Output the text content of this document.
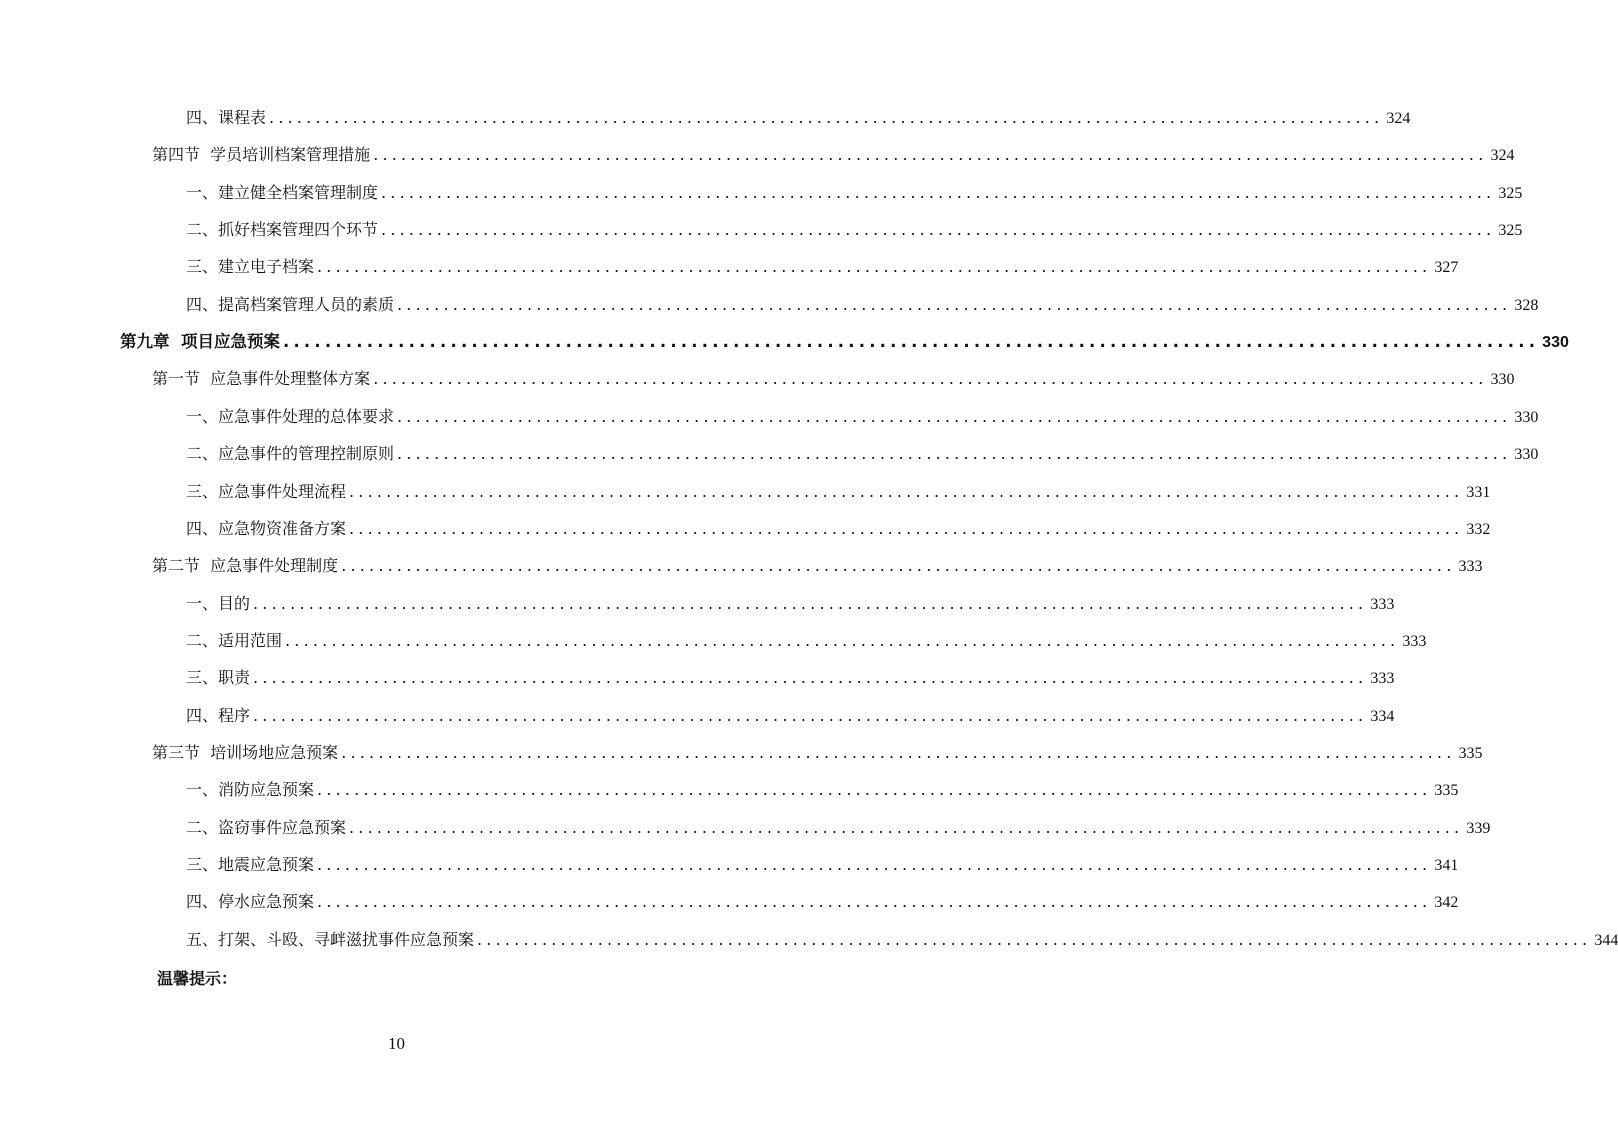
四、课程表 ........................................................................................................................ 324
第四节  学员培训档案管理措施 ........................................................................................................................ 324
一、建立健全档案管理制度 ........................................................................................................................ 325
二、抓好档案管理四个环节 ........................................................................................................................ 325
三、建立电子档案 ........................................................................................................................ 327
四、提高档案管理人员的素质 ........................................................................................................................ 328
第九章  项目应急预案 ........................................................................................................................ 330
第一节  应急事件处理整体方案 ........................................................................................................................ 330
一、应急事件处理的总体要求 ........................................................................................................................ 330
二、应急事件的管理控制原则 ........................................................................................................................ 330
三、应急事件处理流程 ........................................................................................................................ 331
四、应急物资准备方案 ........................................................................................................................ 332
第二节  应急事件处理制度 ........................................................................................................................ 333
一、目的 ........................................................................................................................ 333
二、适用范围 ........................................................................................................................ 333
三、职责 ........................................................................................................................ 333
四、程序 ........................................................................................................................ 334
第三节  培训场地应急预案 ........................................................................................................................ 335
一、消防应急预案 ........................................................................................................................ 335
二、盗窃事件应急预案 ........................................................................................................................ 339
三、地震应急预案 ........................................................................................................................ 341
四、停水应急预案 ........................................................................................................................ 342
五、打架、斗殴、寻衅滋扰事件应急预案 ........................................................................................................................ 344
温馨提示：
10
